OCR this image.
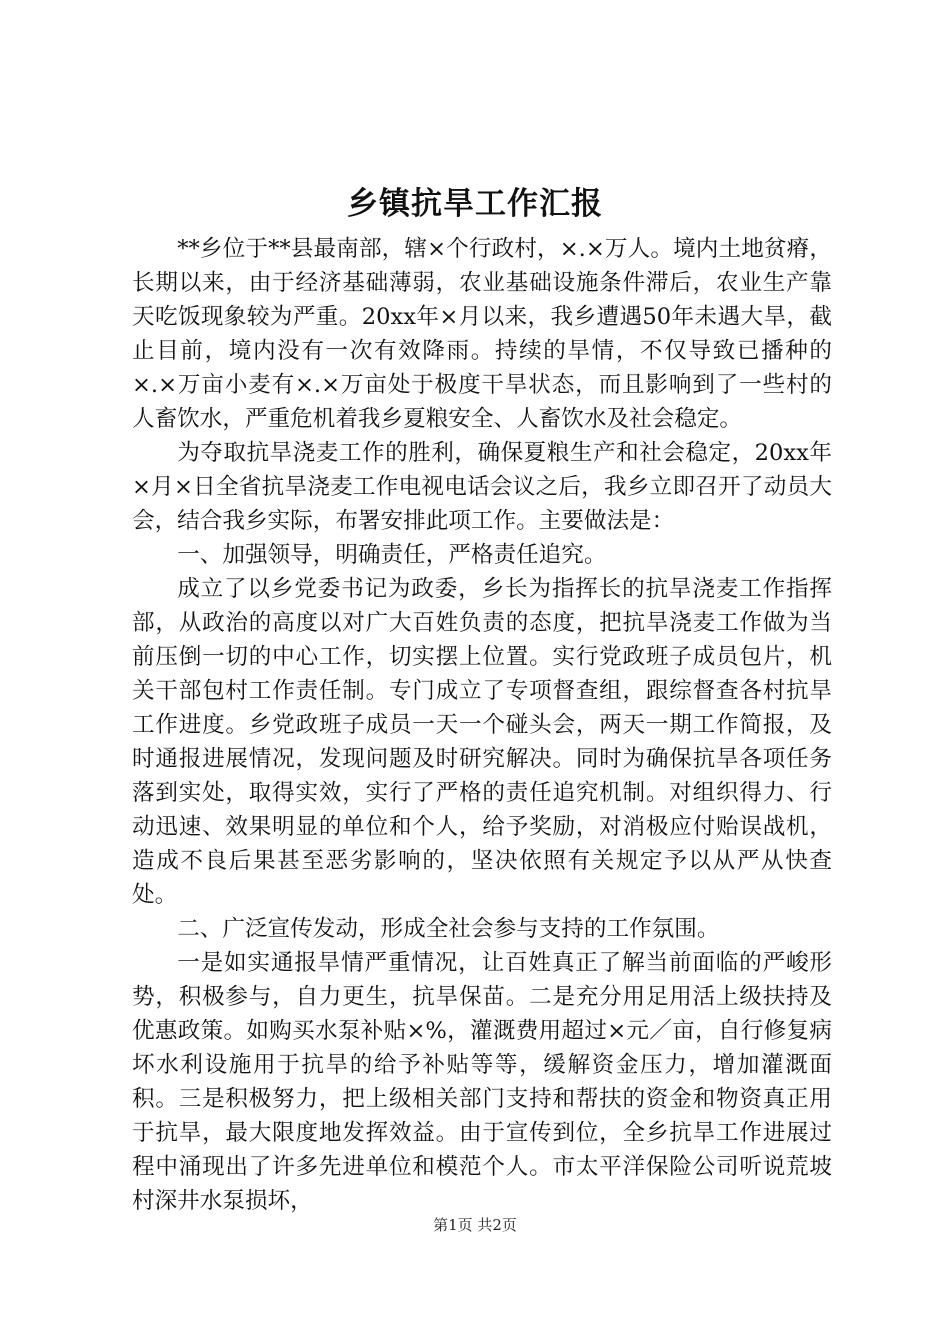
乡镇抗旱工作汇报

**乡位于**县最南部，辖×个行政村，×.×万人。境内土地贫瘠，长期以来，由于经济基础薄弱，农业基础设施条件滞后，农业生产靠天吃饭现象较为严重。20xx年×月以来，我乡遭遇50年未遇大旱，截止目前，境内没有一次有效降雨。持续的旱情，不仅导致已播种的×.×万亩小麦有×.×万亩处于极度干旱状态，而且影响到了一些村的人畜饮水，严重危机着我乡夏粮安全、人畜饮水及社会稳定。

为夺取抗旱浇麦工作的胜利，确保夏粮生产和社会稳定，20xx年×月×日全省抗旱浇麦工作电视电话会议之后，我乡立即召开了动员大会，结合我乡实际，布署安排此项工作。主要做法是：

一、加强领导，明确责任，严格责任追究。

成立了以乡党委书记为政委，乡长为指挥长的抗旱浇麦工作指挥部，从政治的高度以对广大百姓负责的态度，把抗旱浇麦工作做为当前压倒一切的中心工作，切实摆上位置。实行党政班子成员包片，机关干部包村工作责任制。专门成立了专项督查组，跟综督查各村抗旱工作进度。乡党政班子成员一天一个碰头会，两天一期工作简报，及时通报进展情况，发现问题及时研究解决。同时为确保抗旱各项任务落到实处，取得实效，实行了严格的责任追究机制。对组织得力、行动迅速、效果明显的单位和个人，给予奖励，对消极应付贻误战机，造成不良后果甚至恶劣影响的，坚决依照有关规定予以从严从快查处。

二、广泛宣传发动，形成全社会参与支持的工作氛围。

一是如实通报旱情严重情况，让百姓真正了解当前面临的严峻形势，积极参与，自力更生，抗旱保苗。二是充分用足用活上级扶持及优惠政策。如购买水泵补贴×%，灌溉费用超过×元／亩，自行修复病坏水利设施用于抗旱的给予补贴等等，缓解资金压力，增加灌溉面积。三是积极努力，把上级相关部门支持和帮扶的资金和物资真正用于抗旱，最大限度地发挥效益。由于宣传到位，全乡抗旱工作进展过程中涌现出了许多先进单位和模范个人。市太平洋保险公司听说荒坡村深井水泵损坏，

第1页 共2页
